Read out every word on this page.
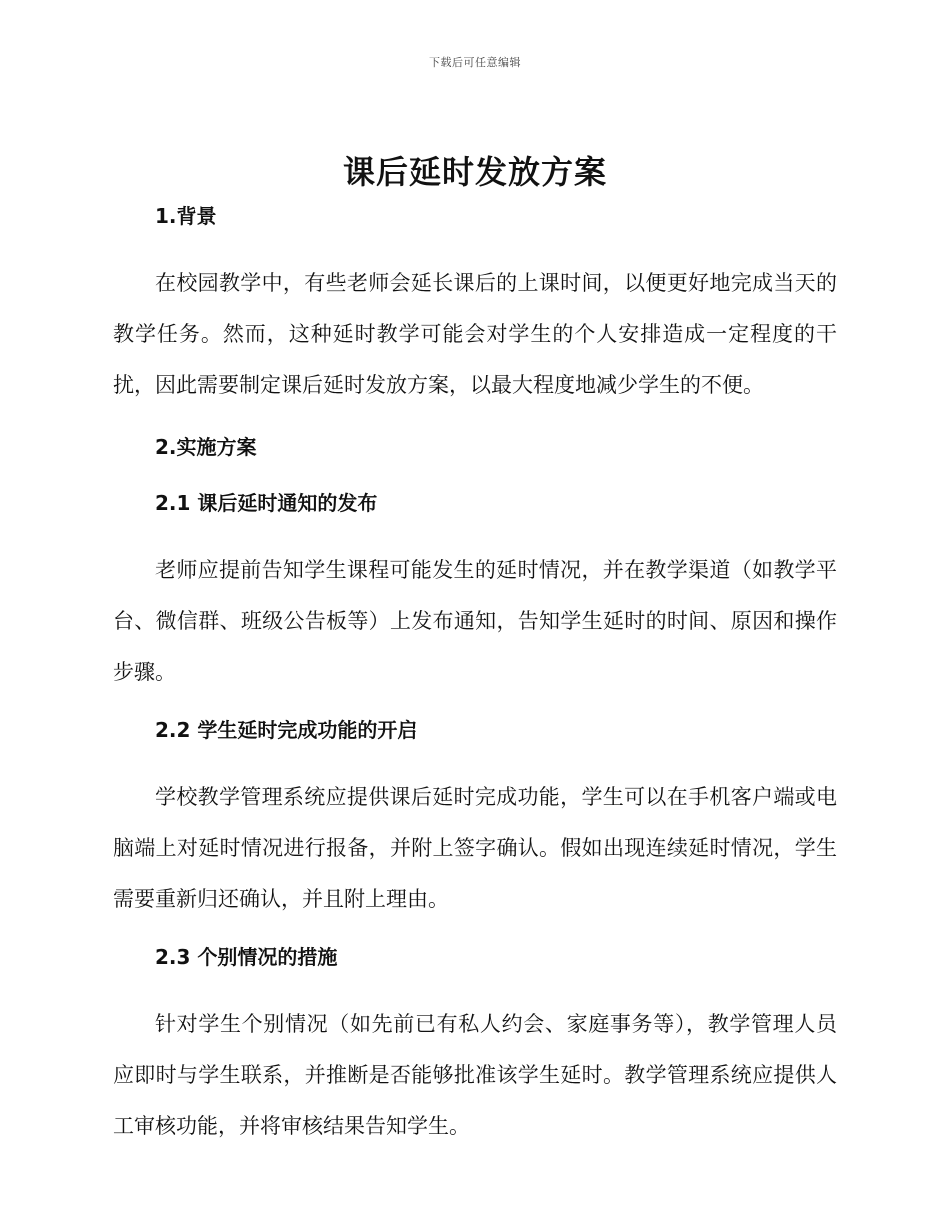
下载后可任意编辑
课后延时发放方案
1.背景

在校园教学中，有些老师会延长课后的上课时间，以便更好地完成当天的教学任务。然而，这种延时教学可能会对学生的个人安排造成一定程度的干扰，因此需要制定课后延时发放方案，以最大程度地减少学生的不便。

2.实施方案
2.1 课后延时通知的发布

老师应提前告知学生课程可能发生的延时情况，并在教学渠道（如教学平台、微信群、班级公告板等）上发布通知，告知学生延时的时间、原因和操作步骤。

2.2 学生延时完成功能的开启

学校教学管理系统应提供课后延时完成功能，学生可以在手机客户端或电脑端上对延时情况进行报备，并附上签字确认。假如出现连续延时情况，学生需要重新归还确认，并且附上理由。

2.3 个别情况的措施

针对学生个别情况（如先前已有私人约会、家庭事务等），教学管理人员应即时与学生联系，并推断是否能够批准该学生延时。教学管理系统应提供人工审核功能，并将审核结果告知学生。
